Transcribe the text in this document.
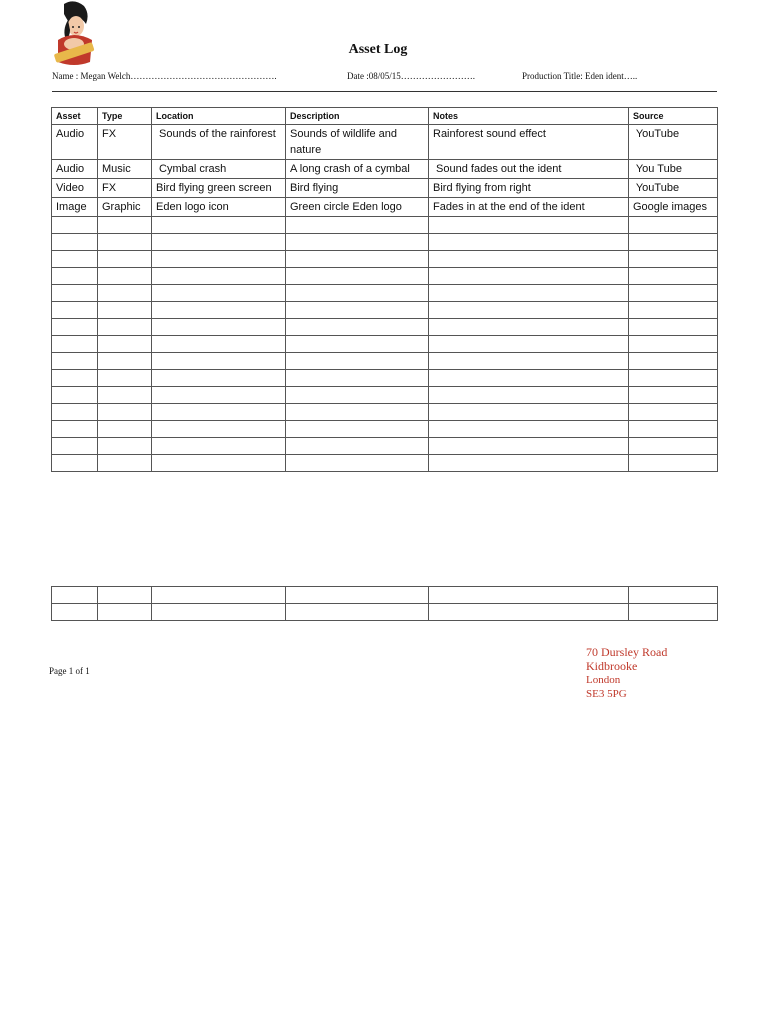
Asset Log
Name : Megan Welch………………………………………….	Date :08/05/15…………………….	Production Title: Eden ident…..
Asset	Type	Location	Description	Notes	Source
Audio	FX	Sounds of the rainforest	Sounds of wildlife and nature	Rainforest sound effect	YouTube
Audio	Music	Cymbal crash	A long crash of a cymbal	Sound fades out the ident	You Tube
Video	FX	Bird flying green screen	Bird flying	Bird flying from right	YouTube
Image	Graphic	Eden logo icon	Green circle Eden logo	Fades in at the end of the ident	Google images

Page 1 of 1
70 Dursley Road
Kidbrooke
London
SE3 5PG
